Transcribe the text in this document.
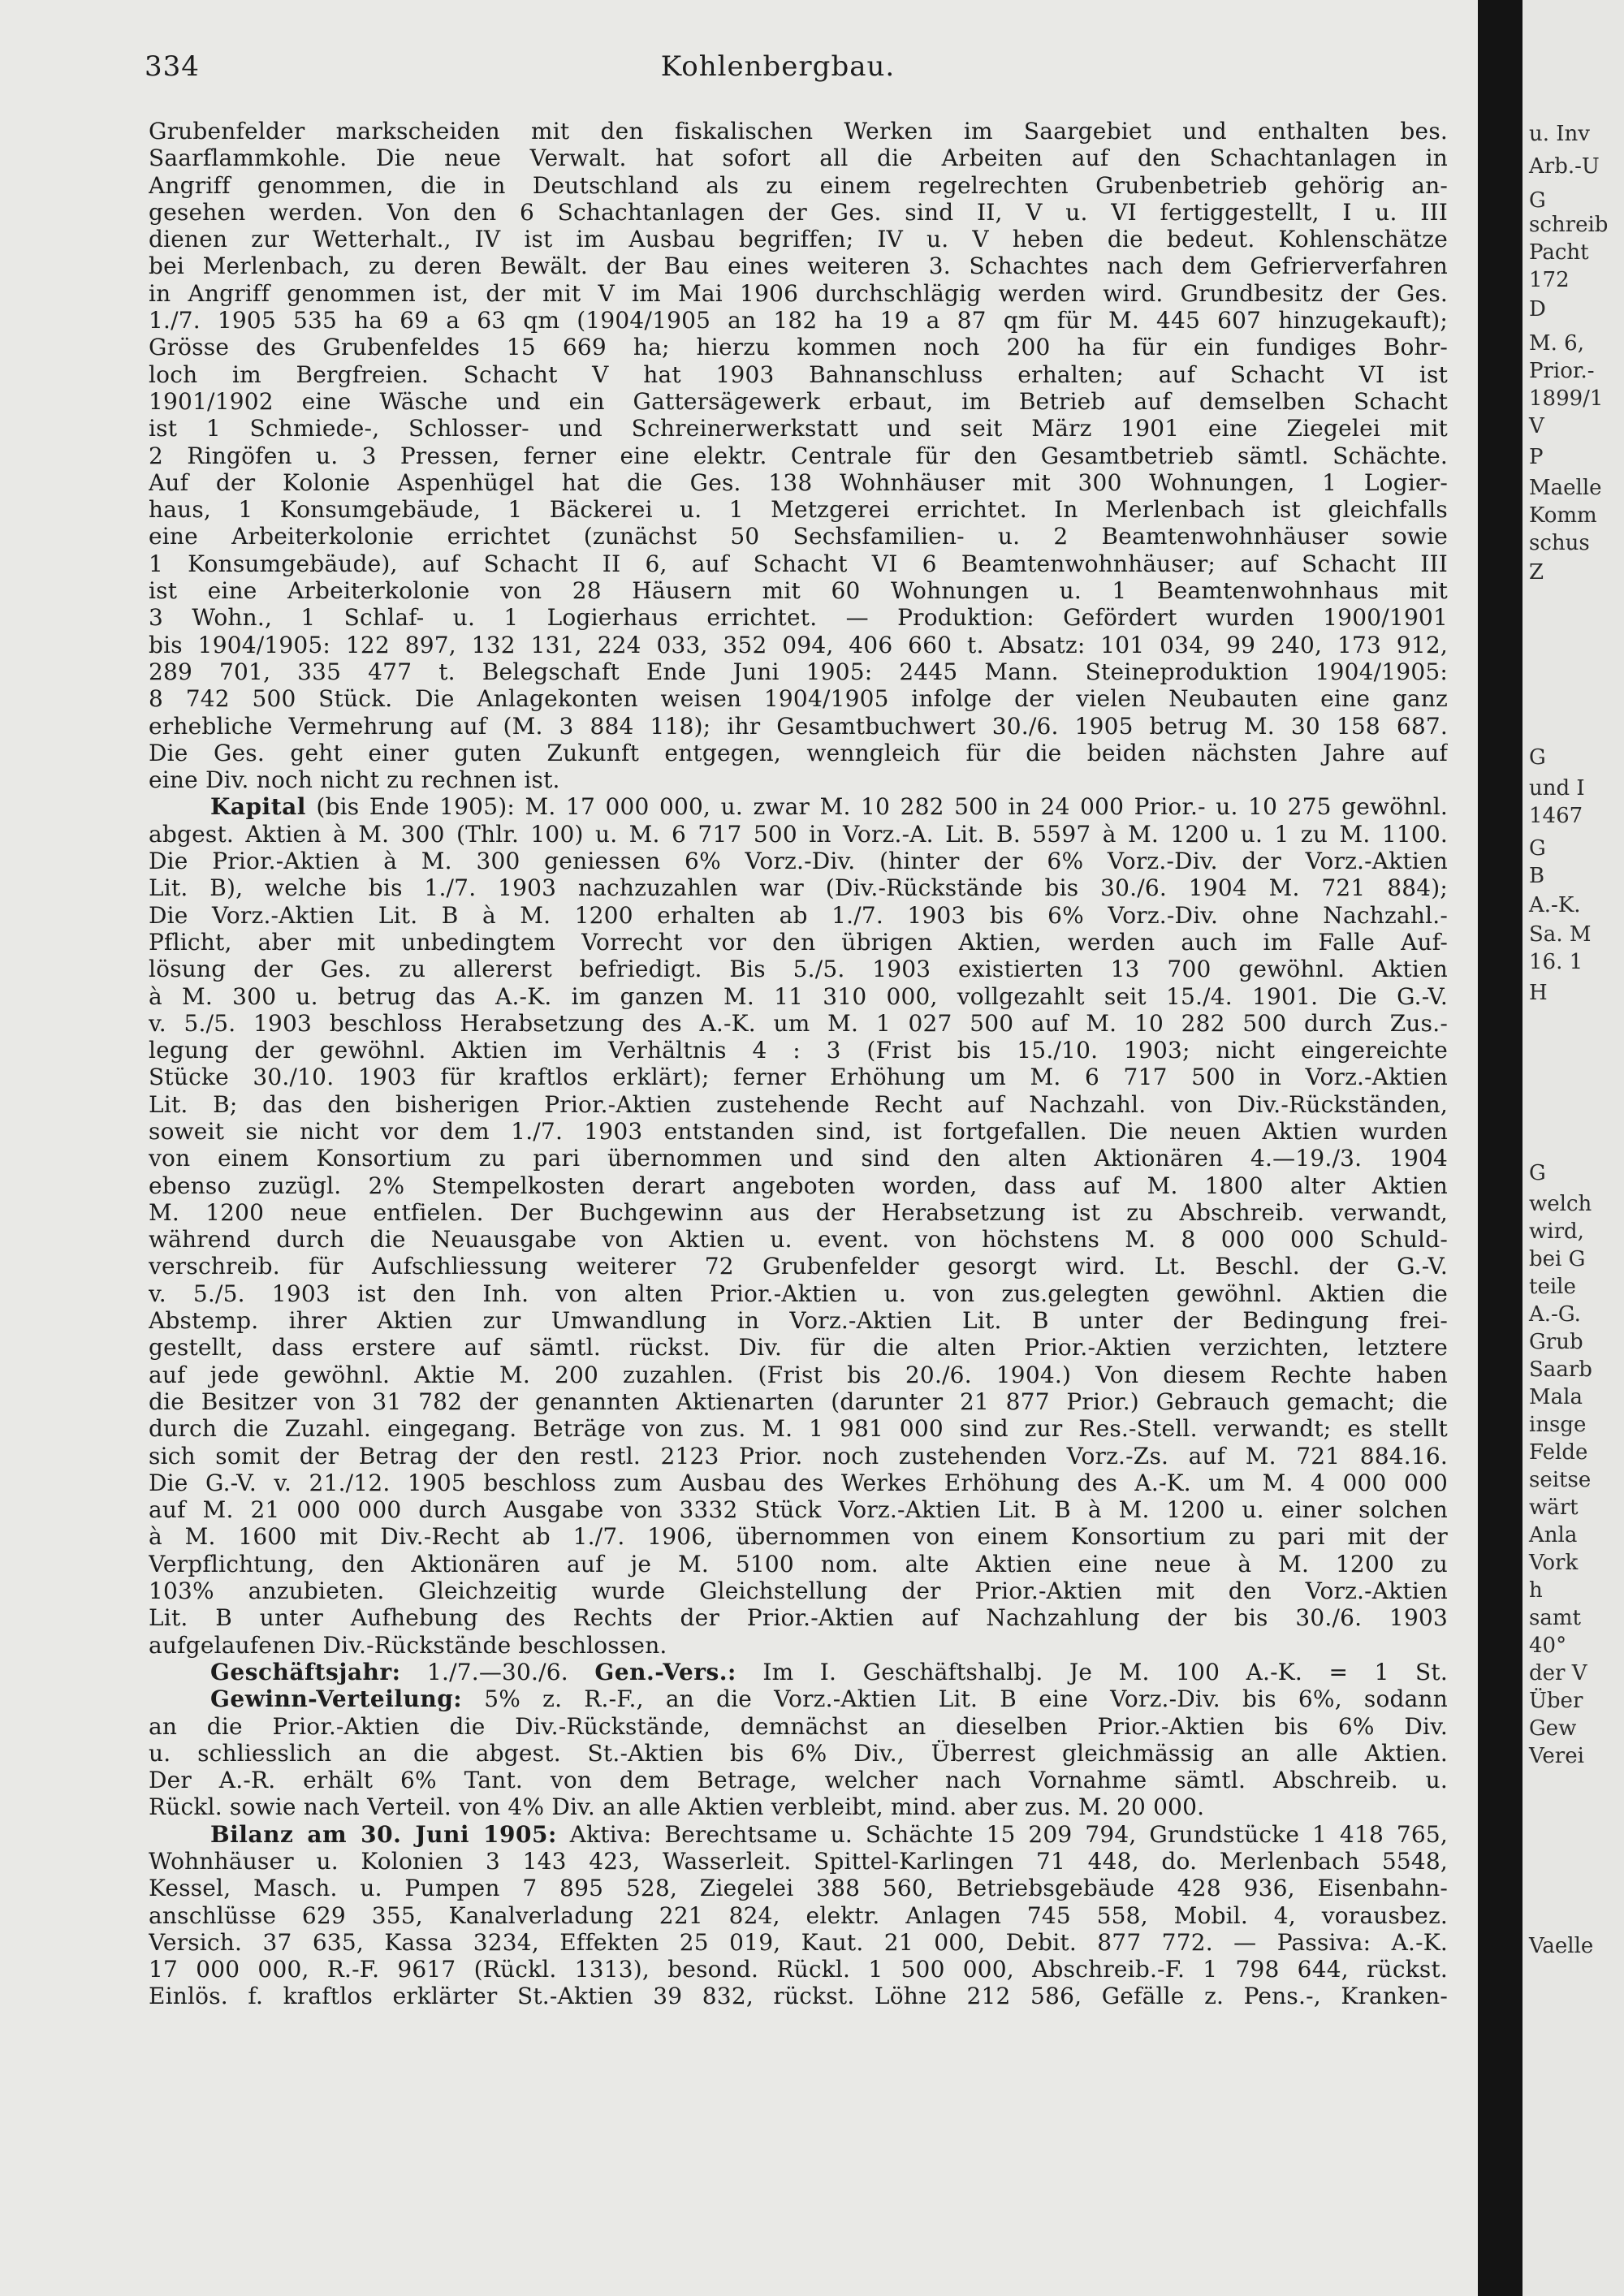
334	Kohlenbergbau.
Grubenfelder markscheiden mit den fiskalischen Werken im Saargebiet und enthalten bes.
Saarflammkohle. Die neue Verwalt. hat sofort all die Arbeiten auf den Schachtanlagen in
Angriff genommen, die in Deutschland als zu einem regelrechten Grubenbetrieb gehörig an-
gesehen werden. Von den 6 Schachtanlagen der Ges. sind II, V u. VI fertiggestellt, I u. III
dienen zur Wetterhalt., IV ist im Ausbau begriffen; IV u. V heben die bedeut. Kohlenschätze
bei Merlenbach, zu deren Bewält. der Bau eines weiteren 3. Schachtes nach dem Gefrierverfahren
in Angriff genommen ist, der mit V im Mai 1906 durchschlägig werden wird. Grundbesitz der Ges.
1./7. 1905 535 ha 69 a 63 qm (1904/1905 an 182 ha 19 a 87 qm für M. 445 607 hinzugekauft);
Grösse des Grubenfeldes 15 669 ha; hierzu kommen noch 200 ha für ein fundiges Bohr-
loch im Bergfreien. Schacht V hat 1903 Bahnanschluss erhalten; auf Schacht VI ist
1901/1902 eine Wäsche und ein Gattersägewerk erbaut, im Betrieb auf demselben Schacht
ist 1 Schmiede-, Schlosser- und Schreinerwerkstatt und seit März 1901 eine Ziegelei mit
2 Ringöfen u. 3 Pressen, ferner eine elektr. Centrale für den Gesamtbetrieb sämtl. Schächte.
Auf der Kolonie Aspenhügel hat die Ges. 138 Wohnhäuser mit 300 Wohnungen, 1 Logier-
haus, 1 Konsumgebäude, 1 Bäckerei u. 1 Metzgerei errichtet. In Merlenbach ist gleichfalls
eine Arbeiterkolonie errichtet (zunächst 50 Sechsfamilien- u. 2 Beamtenwohnhäuser sowie
1 Konsumgebäude), auf Schacht II 6, auf Schacht VI 6 Beamtenwohnhäuser; auf Schacht III
ist eine Arbeiterkolonie von 28 Häusern mit 60 Wohnungen u. 1 Beamtenwohnhaus mit
3 Wohn., 1 Schlaf- u. 1 Logierhaus errichtet. — Produktion: Gefördert wurden 1900/1901
bis 1904/1905: 122 897, 132 131, 224 033, 352 094, 406 660 t. Absatz: 101 034, 99 240, 173 912,
289 701, 335 477 t. Belegschaft Ende Juni 1905: 2445 Mann. Steineproduktion 1904/1905:
8 742 500 Stück. Die Anlagekonten weisen 1904/1905 infolge der vielen Neubauten eine ganz
erhebliche Vermehrung auf (M. 3 884 118); ihr Gesamtbuchwert 30./6. 1905 betrug M. 30 158 687.
Die Ges. geht einer guten Zukunft entgegen, wenngleich für die beiden nächsten Jahre auf
eine Div. noch nicht zu rechnen ist.
Kapital (bis Ende 1905): M. 17 000 000, u. zwar M. 10 282 500 in 24 000 Prior.- u. 10 275 gewöhnl.
abgest. Aktien à M. 300 (Thlr. 100) u. M. 6 717 500 in Vorz.-A. Lit. B. 5597 à M. 1200 u. 1 zu M. 1100.
Die Prior.-Aktien à M. 300 geniessen 6% Vorz.-Div. (hinter der 6% Vorz.-Div. der Vorz.-Aktien
Lit. B), welche bis 1./7. 1903 nachzuzahlen war (Div.-Rückstände bis 30./6. 1904 M. 721 884);
Die Vorz.-Aktien Lit. B à M. 1200 erhalten ab 1./7. 1903 bis 6% Vorz.-Div. ohne Nachzahl.-
Pflicht, aber mit unbedingtem Vorrecht vor den übrigen Aktien, werden auch im Falle Auf-
lösung der Ges. zu allererst befriedigt. Bis 5./5. 1903 existierten 13 700 gewöhnl. Aktien
à M. 300 u. betrug das A.-K. im ganzen M. 11 310 000, vollgezahlt seit 15./4. 1901. Die G.-V.
v. 5./5. 1903 beschloss Herabsetzung des A.-K. um M. 1 027 500 auf M. 10 282 500 durch Zus.-
legung der gewöhnl. Aktien im Verhältnis 4 : 3 (Frist bis 15./10. 1903; nicht eingereichte
Stücke 30./10. 1903 für kraftlos erklärt); ferner Erhöhung um M. 6 717 500 in Vorz.-Aktien
Lit. B; das den bisherigen Prior.-Aktien zustehende Recht auf Nachzahl. von Div.-Rückständen,
soweit sie nicht vor dem 1./7. 1903 entstanden sind, ist fortgefallen. Die neuen Aktien wurden
von einem Konsortium zu pari übernommen und sind den alten Aktionären 4.—19./3. 1904
ebenso zuzügl. 2% Stempelkosten derart angeboten worden, dass auf M. 1800 alter Aktien
M. 1200 neue entfielen. Der Buchgewinn aus der Herabsetzung ist zu Abschreib. verwandt,
während durch die Neuausgabe von Aktien u. event. von höchstens M. 8 000 000 Schuld-
verschreib. für Aufschliessung weiterer 72 Grubenfelder gesorgt wird. Lt. Beschl. der G.-V.
v. 5./5. 1903 ist den Inh. von alten Prior.-Aktien u. von zus.gelegten gewöhnl. Aktien die
Abstemp. ihrer Aktien zur Umwandlung in Vorz.-Aktien Lit. B unter der Bedingung frei-
gestellt, dass erstere auf sämtl. rückst. Div. für die alten Prior.-Aktien verzichten, letztere
auf jede gewöhnl. Aktie M. 200 zuzahlen. (Frist bis 20./6. 1904.) Von diesem Rechte haben
die Besitzer von 31 782 der genannten Aktienarten (darunter 21 877 Prior.) Gebrauch gemacht; die
durch die Zuzahl. eingegang. Beträge von zus. M. 1 981 000 sind zur Res.-Stell. verwandt; es stellt
sich somit der Betrag der den restl. 2123 Prior. noch zustehenden Vorz.-Zs. auf M. 721 884.16.
Die G.-V. v. 21./12. 1905 beschloss zum Ausbau des Werkes Erhöhung des A.-K. um M. 4 000 000
auf M. 21 000 000 durch Ausgabe von 3332 Stück Vorz.-Aktien Lit. B à M. 1200 u. einer solchen
à M. 1600 mit Div.-Recht ab 1./7. 1906, übernommen von einem Konsortium zu pari mit der
Verpflichtung, den Aktionären auf je M. 5100 nom. alte Aktien eine neue à M. 1200 zu
103% anzubieten. Gleichzeitig wurde Gleichstellung der Prior.-Aktien mit den Vorz.-Aktien
Lit. B unter Aufhebung des Rechts der Prior.-Aktien auf Nachzahlung der bis 30./6. 1903
aufgelaufenen Div.-Rückstände beschlossen.
Geschäftsjahr: 1./7.—30./6. Gen.-Vers.: Im I. Geschäftshalbj. Je M. 100 A.-K. = 1 St.
Gewinn-Verteilung: 5% z. R.-F., an die Vorz.-Aktien Lit. B eine Vorz.-Div. bis 6%, sodann
an die Prior.-Aktien die Div.-Rückstände, demnächst an dieselben Prior.-Aktien bis 6% Div.
u. schliesslich an die abgest. St.-Aktien bis 6% Div., Überrest gleichmässig an alle Aktien.
Der A.-R. erhält 6% Tant. von dem Betrage, welcher nach Vornahme sämtl. Abschreib. u.
Rückl. sowie nach Verteil. von 4% Div. an alle Aktien verbleibt, mind. aber zus. M. 20 000.
Bilanz am 30. Juni 1905: Aktiva: Berechtsame u. Schächte 15 209 794, Grundstücke 1 418 765,
Wohnhäuser u. Kolonien 3 143 423, Wasserleit. Spittel-Karlingen 71 448, do. Merlenbach 5548,
Kessel, Masch. u. Pumpen 7 895 528, Ziegelei 388 560, Betriebsgebäude 428 936, Eisenbahn-
anschlüsse 629 355, Kanalverladung 221 824, elektr. Anlagen 745 558, Mobil. 4, vorausbez.
Versich. 37 635, Kassa 3234, Effekten 25 019, Kaut. 21 000, Debit. 877 772. — Passiva: A.-K.
17 000 000, R.-F. 9617 (Rückl. 1313), besond. Rückl. 1 500 000, Abschreib.-F. 1 798 644, rückst.
Einlös. f. kraftlos erklärter St.-Aktien 39 832, rückst. Löhne 212 586, Gefälle z. Pens.-, Kranken-
u. Inv
Arb.-U
G
schreib
Pacht
172
D
M. 6,
Prior.-
1899/1
V
P
Maelle
Komm
schus
Z
G
und I
1467
G
B
A.-K.
Sa. M
16. 1
H
G
welch
wird,
bei G
teile
A.-G.
Grub
Saarb
Mala
insge
Felde
seitse
wärt
Anla
Vork
h
samt
40°
der V
Über
Gew
Verei
Vaelle
